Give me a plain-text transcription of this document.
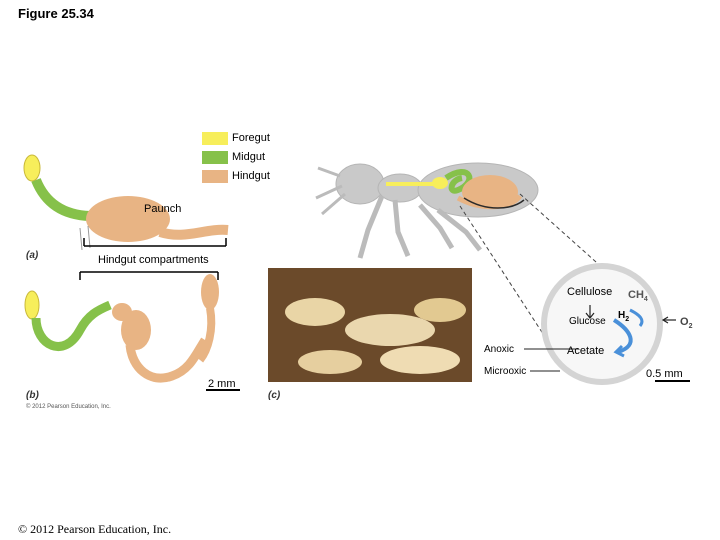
Figure 25.34
Foregut
Midgut
Hindgut
Paunch
(a)	Hindgut compartments
2 mm
(b)
© 2012 Pearson Education, Inc.
(c)
Cellulose $CH_4$
Glucose
$H_2$	$O_2$
Anoxic	Acetate
Microoxic	0.5 mm
© 2012 Pearson Education, Inc.
